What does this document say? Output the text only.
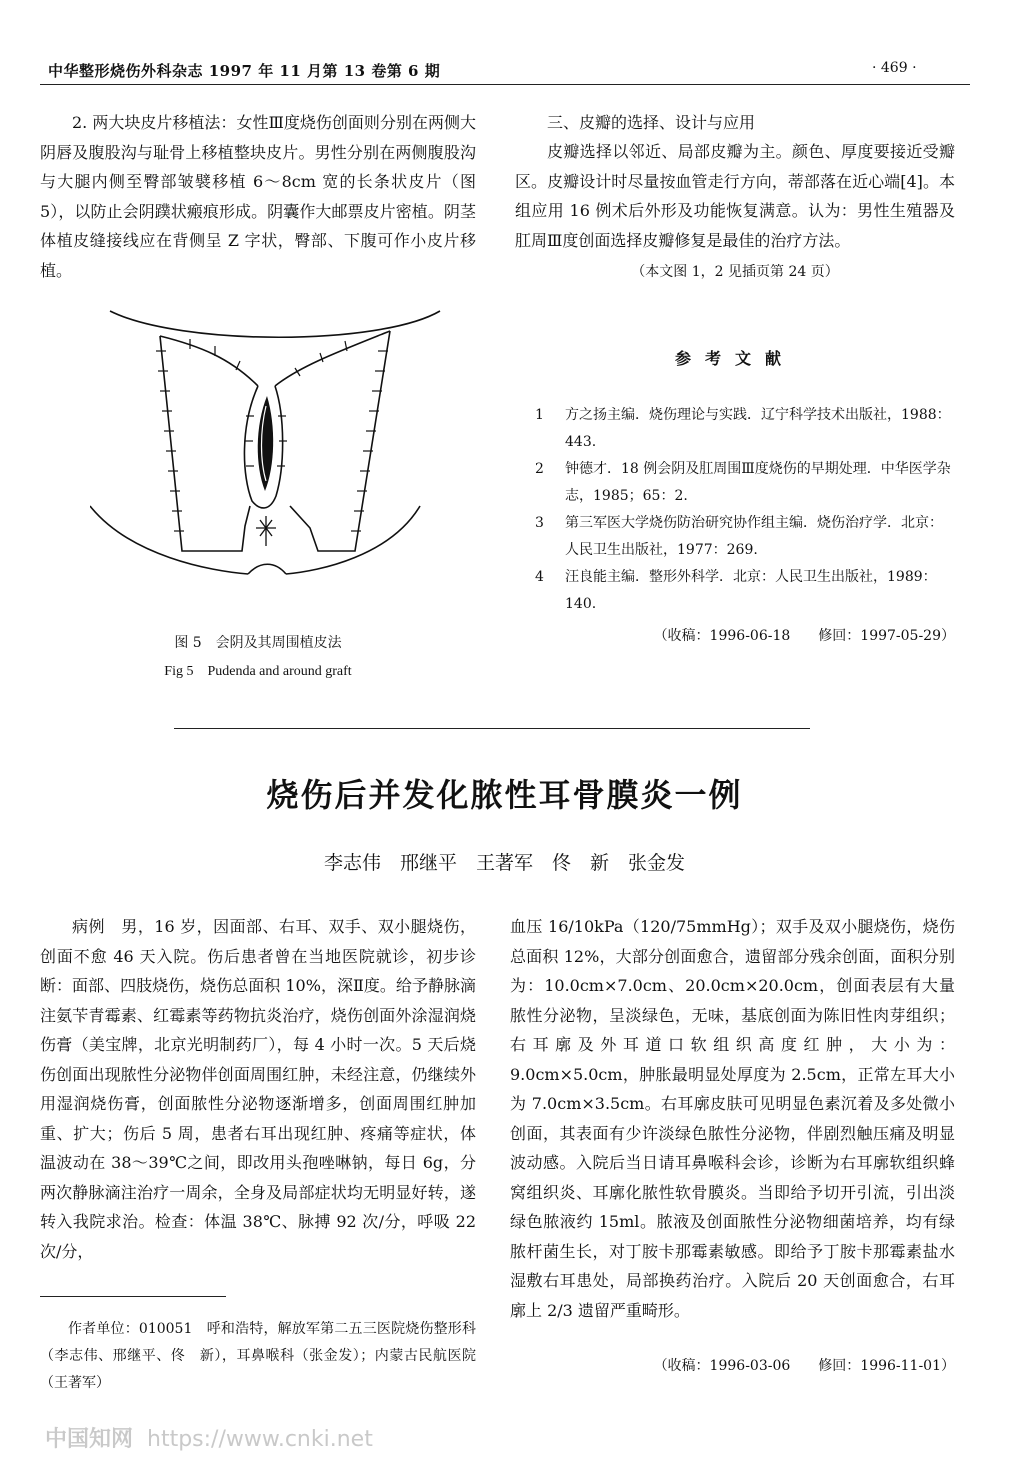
中华整形烧伤外科杂志 1997 年 11 月第 13 卷第 6 期	· 469 ·

2. 两大块皮片移植法：女性Ⅲ度烧伤创面则分别在两侧大阴唇及腹股沟与耻骨上移植整块皮片。男性分别在两侧腹股沟与大腿内侧至臀部皱襞移植 6～8cm 宽的长条状皮片（图 5），以防止会阴蹼状瘢痕形成。阴囊作大邮票皮片密植。阴茎体植皮缝接线应在背侧呈 Z 字状，臀部、下腹可作小皮片移植。

图 5　会阴及其周围植皮法
Fig 5　Pudenda and around graft
三、皮瓣的选择、设计与应用

皮瓣选择以邻近、局部皮瓣为主。颜色、厚度要接近受瓣区。皮瓣设计时尽量按血管走行方向，蒂部落在近心端[4]。本组应用 16 例术后外形及功能恢复满意。认为：男性生殖器及肛周Ⅲ度创面选择皮瓣修复是最佳的治疗方法。

（本文图 1，2 见插页第 24 页）
参考文献
1	方之扬主编．烧伤理论与实践．辽宁科学技术出版社，1988：443.
2	钟德才．18 例会阴及肛周围Ⅲ度烧伤的早期处理．中华医学杂志，1985；65：2.
3	第三军医大学烧伤防治研究协作组主编．烧伤治疗学．北京：人民卫生出版社，1977：269.
4	汪良能主编．整形外科学．北京：人民卫生出版社，1989：140.
（收稿：1996-06-18　　修回：1997-05-29）
烧伤后并发化脓性耳骨膜炎一例
李志伟　邢继平　王著军　佟　新　张金发

病例　男，16 岁，因面部、右耳、双手、双小腿烧伤，创面不愈 46 天入院。伤后患者曾在当地医院就诊，初步诊断：面部、四肢烧伤，烧伤总面积 10%，深Ⅱ度。给予静脉滴注氨苄青霉素、红霉素等药物抗炎治疗，烧伤创面外涂湿润烧伤膏（美宝牌，北京光明制药厂），每 4 小时一次。5 天后烧伤创面出现脓性分泌物伴创面周围红肿，未经注意，仍继续外用湿润烧伤膏，创面脓性分泌物逐渐增多，创面周围红肿加重、扩大；伤后 5 周，患者右耳出现红肿、疼痛等症状，体温波动在 38～39℃之间，即改用头孢唑啉钠，每日 6g，分两次静脉滴注治疗一周余，全身及局部症状均无明显好转，遂转入我院求治。检查：体温 38℃、脉搏 92 次/分，呼吸 22 次/分，

血压 16/10kPa（120/75mmHg）；双手及双小腿烧伤，烧伤总面积 12%，大部分创面愈合，遗留部分残余创面，面积分别为：10.0cm×7.0cm、20.0cm×20.0cm，创面表层有大量脓性分泌物，呈淡绿色，无味，基底创面为陈旧性肉芽组织；右耳廓及外耳道口软组织高度红肿，大小为：9.0cm×5.0cm，肿胀最明显处厚度为 2.5cm，正常左耳大小为 7.0cm×3.5cm。右耳廓皮肤可见明显色素沉着及多处微小创面，其表面有少许淡绿色脓性分泌物，伴剧烈触压痛及明显波动感。入院后当日请耳鼻喉科会诊，诊断为右耳廓软组织蜂窝组织炎、耳廓化脓性软骨膜炎。当即给予切开引流，引出淡绿色脓液约 15ml。脓液及创面脓性分泌物细菌培养，均有绿脓杆菌生长，对丁胺卡那霉素敏感。即给予丁胺卡那霉素盐水湿敷右耳患处，局部换药治疗。入院后 20 天创面愈合，右耳廓上 2/3 遗留严重畸形。

作者单位：010051　呼和浩特，解放军第二五三医院烧伤整形科（李志伟、邢继平、佟　新），耳鼻喉科（张金发）；内蒙古民航医院（王著军）
（收稿：1996-03-06　　修回：1996-11-01）
中国知网 https://www.cnki.net
